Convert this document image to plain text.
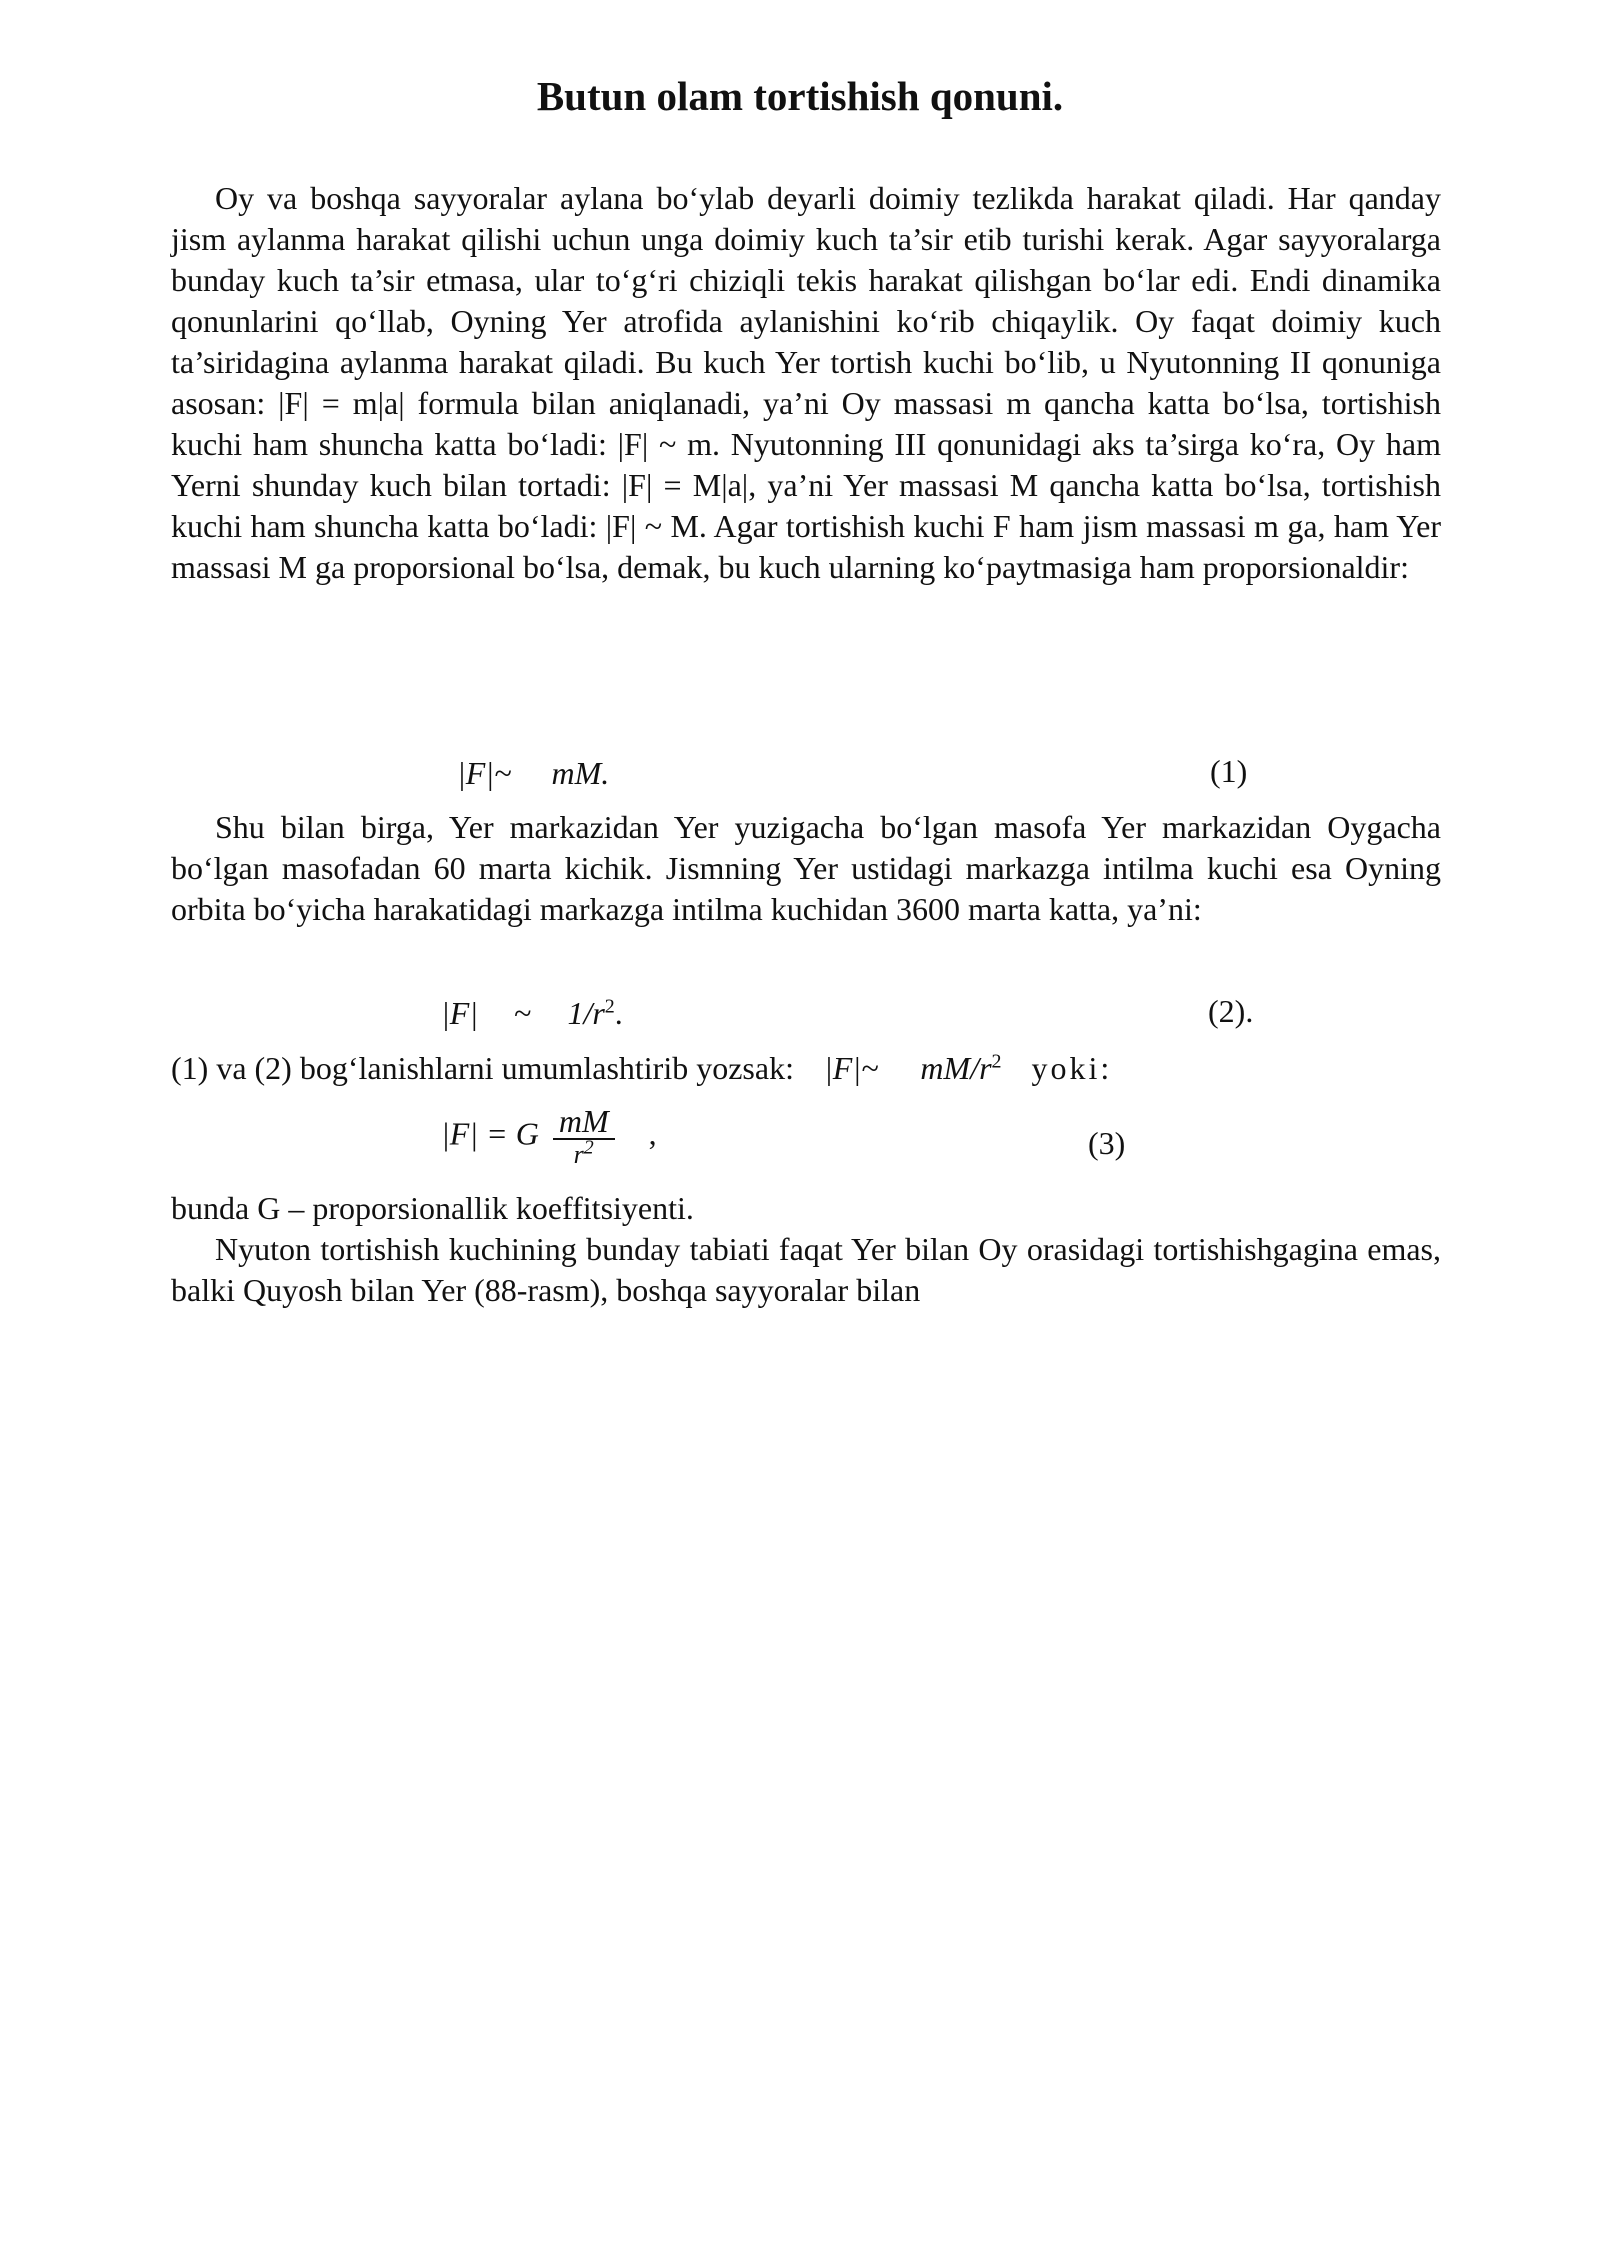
Butun olam tortishish qonuni.

Oy va boshqa sayyoralar aylana bo‘ylab deyarli doimiy tezlikda harakat qiladi. Har qanday jism aylanma harakat qilishi uchun unga doimiy kuch ta’sir etib turishi kerak. Agar sayyoralarga bunday kuch ta’sir etmasa, ular to‘g‘ri chiziqli tekis harakat qilishgan bo‘lar edi. Endi dinamika qonunlarini qo‘llab, Oyning Yer atrofida aylanishini ko‘rib chiqaylik. Oy faqat doimiy kuch ta’siridagina aylanma harakat qiladi. Bu kuch Yer tortish kuchi bo‘lib, u Nyutonning II qonuniga asosan: |F| = m|a| formula bilan aniqlanadi, ya’ni Oy massasi m qancha katta bo‘lsa, tortishish kuchi ham shuncha katta bo‘ladi: |F| ~ m. Nyutonning III qonunidagi aks ta’sirga ko‘ra, Oy ham Yerni shunday kuch bilan tortadi: |F| = M|a|, ya’ni Yer massasi M qancha katta bo‘lsa, tortishish kuchi ham shuncha katta bo‘ladi: |F| ~ M. Agar tortishish kuchi F ham jism massasi m ga, ham Yer massasi M ga proporsional bo‘lsa, demak, bu kuch ularning ko‘paytmasiga ham proporsionaldir:

|F|~ mM.	(1)

Shu bilan birga, Yer markazidan Yer yuzigacha bo‘lgan masofa Yer markazidan Oygacha bo‘lgan masofadan 60 marta kichik. Jismning Yer ustidagi markazga intilma kuchi esa Oyning orbita bo‘yicha harakatidagi markazga intilma kuchidan 3600 marta katta, ya’ni:

|F| ~ $1/r^2$.	(2).

(1) va (2) bog‘lanishlarni umumlashtirib yozsak: |F|~ $mM/r^2$ yoki:

|F| = G $\frac{mM}{r^2}$ ,	(3)

bunda G – proporsionallik koeffitsiyenti.

Nyuton tortishish kuchining bunday tabiati faqat Yer bilan Oy orasidagi tortishishgagina emas, balki Quyosh bilan Yer (88-rasm), boshqa sayyoralar bilan
